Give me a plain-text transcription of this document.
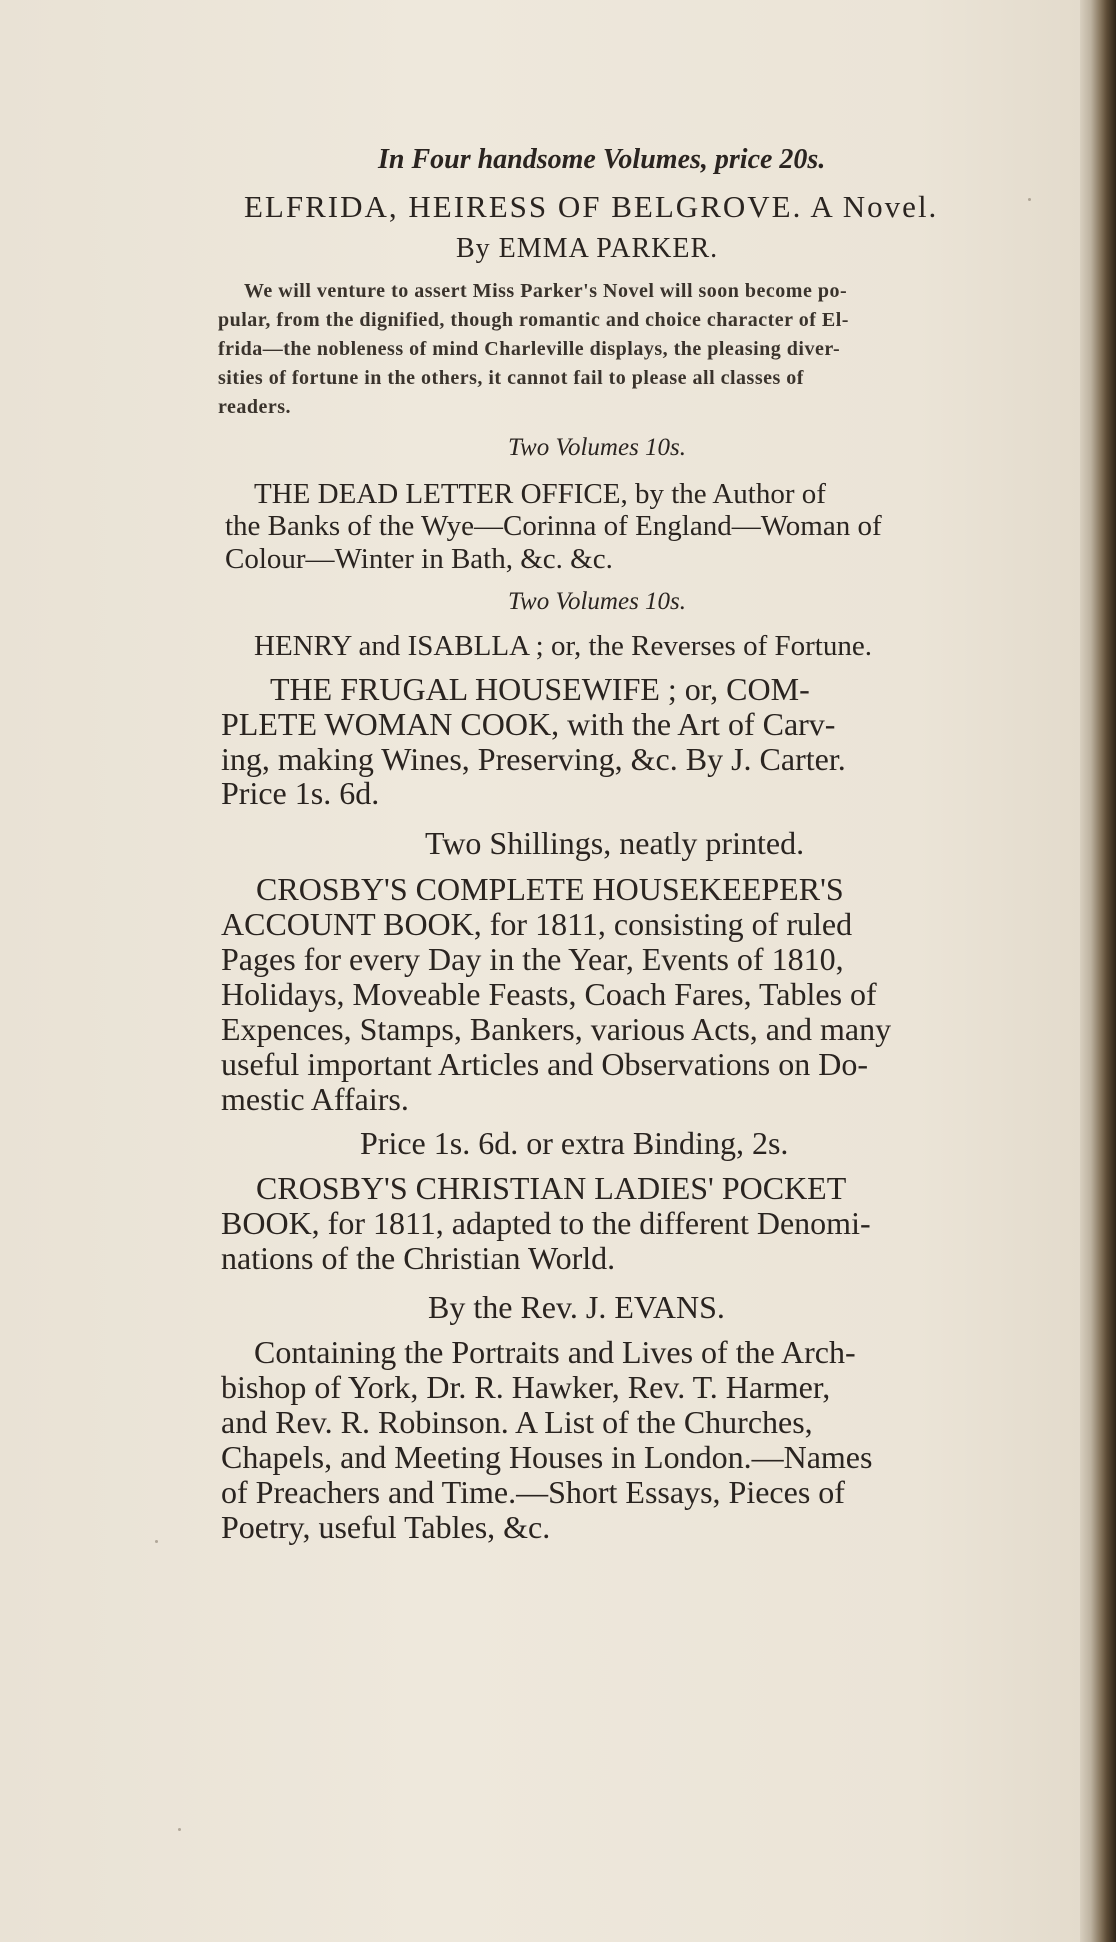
In Four handsome Volumes, price 20s.
ELFRIDA, HEIRESS OF BELGROVE. A Novel.
By EMMA PARKER.
We will venture to assert Miss Parker's Novel will soon become po-
pular, from the dignified, though romantic and choice character of El-
frida—the nobleness of mind Charleville displays, the pleasing diver-
sities of fortune in the others, it cannot fail to please all classes of
readers.
Two Volumes 10s.
THE DEAD LETTER OFFICE, by the Author of
the Banks of the Wye—Corinna of England—Woman of
Colour—Winter in Bath, &c. &c.
Two Volumes 10s.
HENRY and ISABLLA ; or, the Reverses of Fortune.
THE FRUGAL HOUSEWIFE ; or, COM-
PLETE WOMAN COOK, with the Art of Carv-
ing, making Wines, Preserving, &c. By J. Carter.
Price 1s. 6d.
Two Shillings, neatly printed.
CROSBY'S COMPLETE HOUSEKEEPER'S
ACCOUNT BOOK, for 1811, consisting of ruled
Pages for every Day in the Year, Events of 1810,
Holidays, Moveable Feasts, Coach Fares, Tables of
Expences, Stamps, Bankers, various Acts, and many
useful important Articles and Observations on Do-
mestic Affairs.
Price 1s. 6d. or extra Binding, 2s.
CROSBY'S CHRISTIAN LADIES' POCKET
BOOK, for 1811, adapted to the different Denomi-
nations of the Christian World.
By the Rev. J. EVANS.
Containing the Portraits and Lives of the Arch-
bishop of York, Dr. R. Hawker, Rev. T. Harmer,
and Rev. R. Robinson. A List of the Churches,
Chapels, and Meeting Houses in London.—Names
of Preachers and Time.—Short Essays, Pieces of
Poetry, useful Tables, &c.
